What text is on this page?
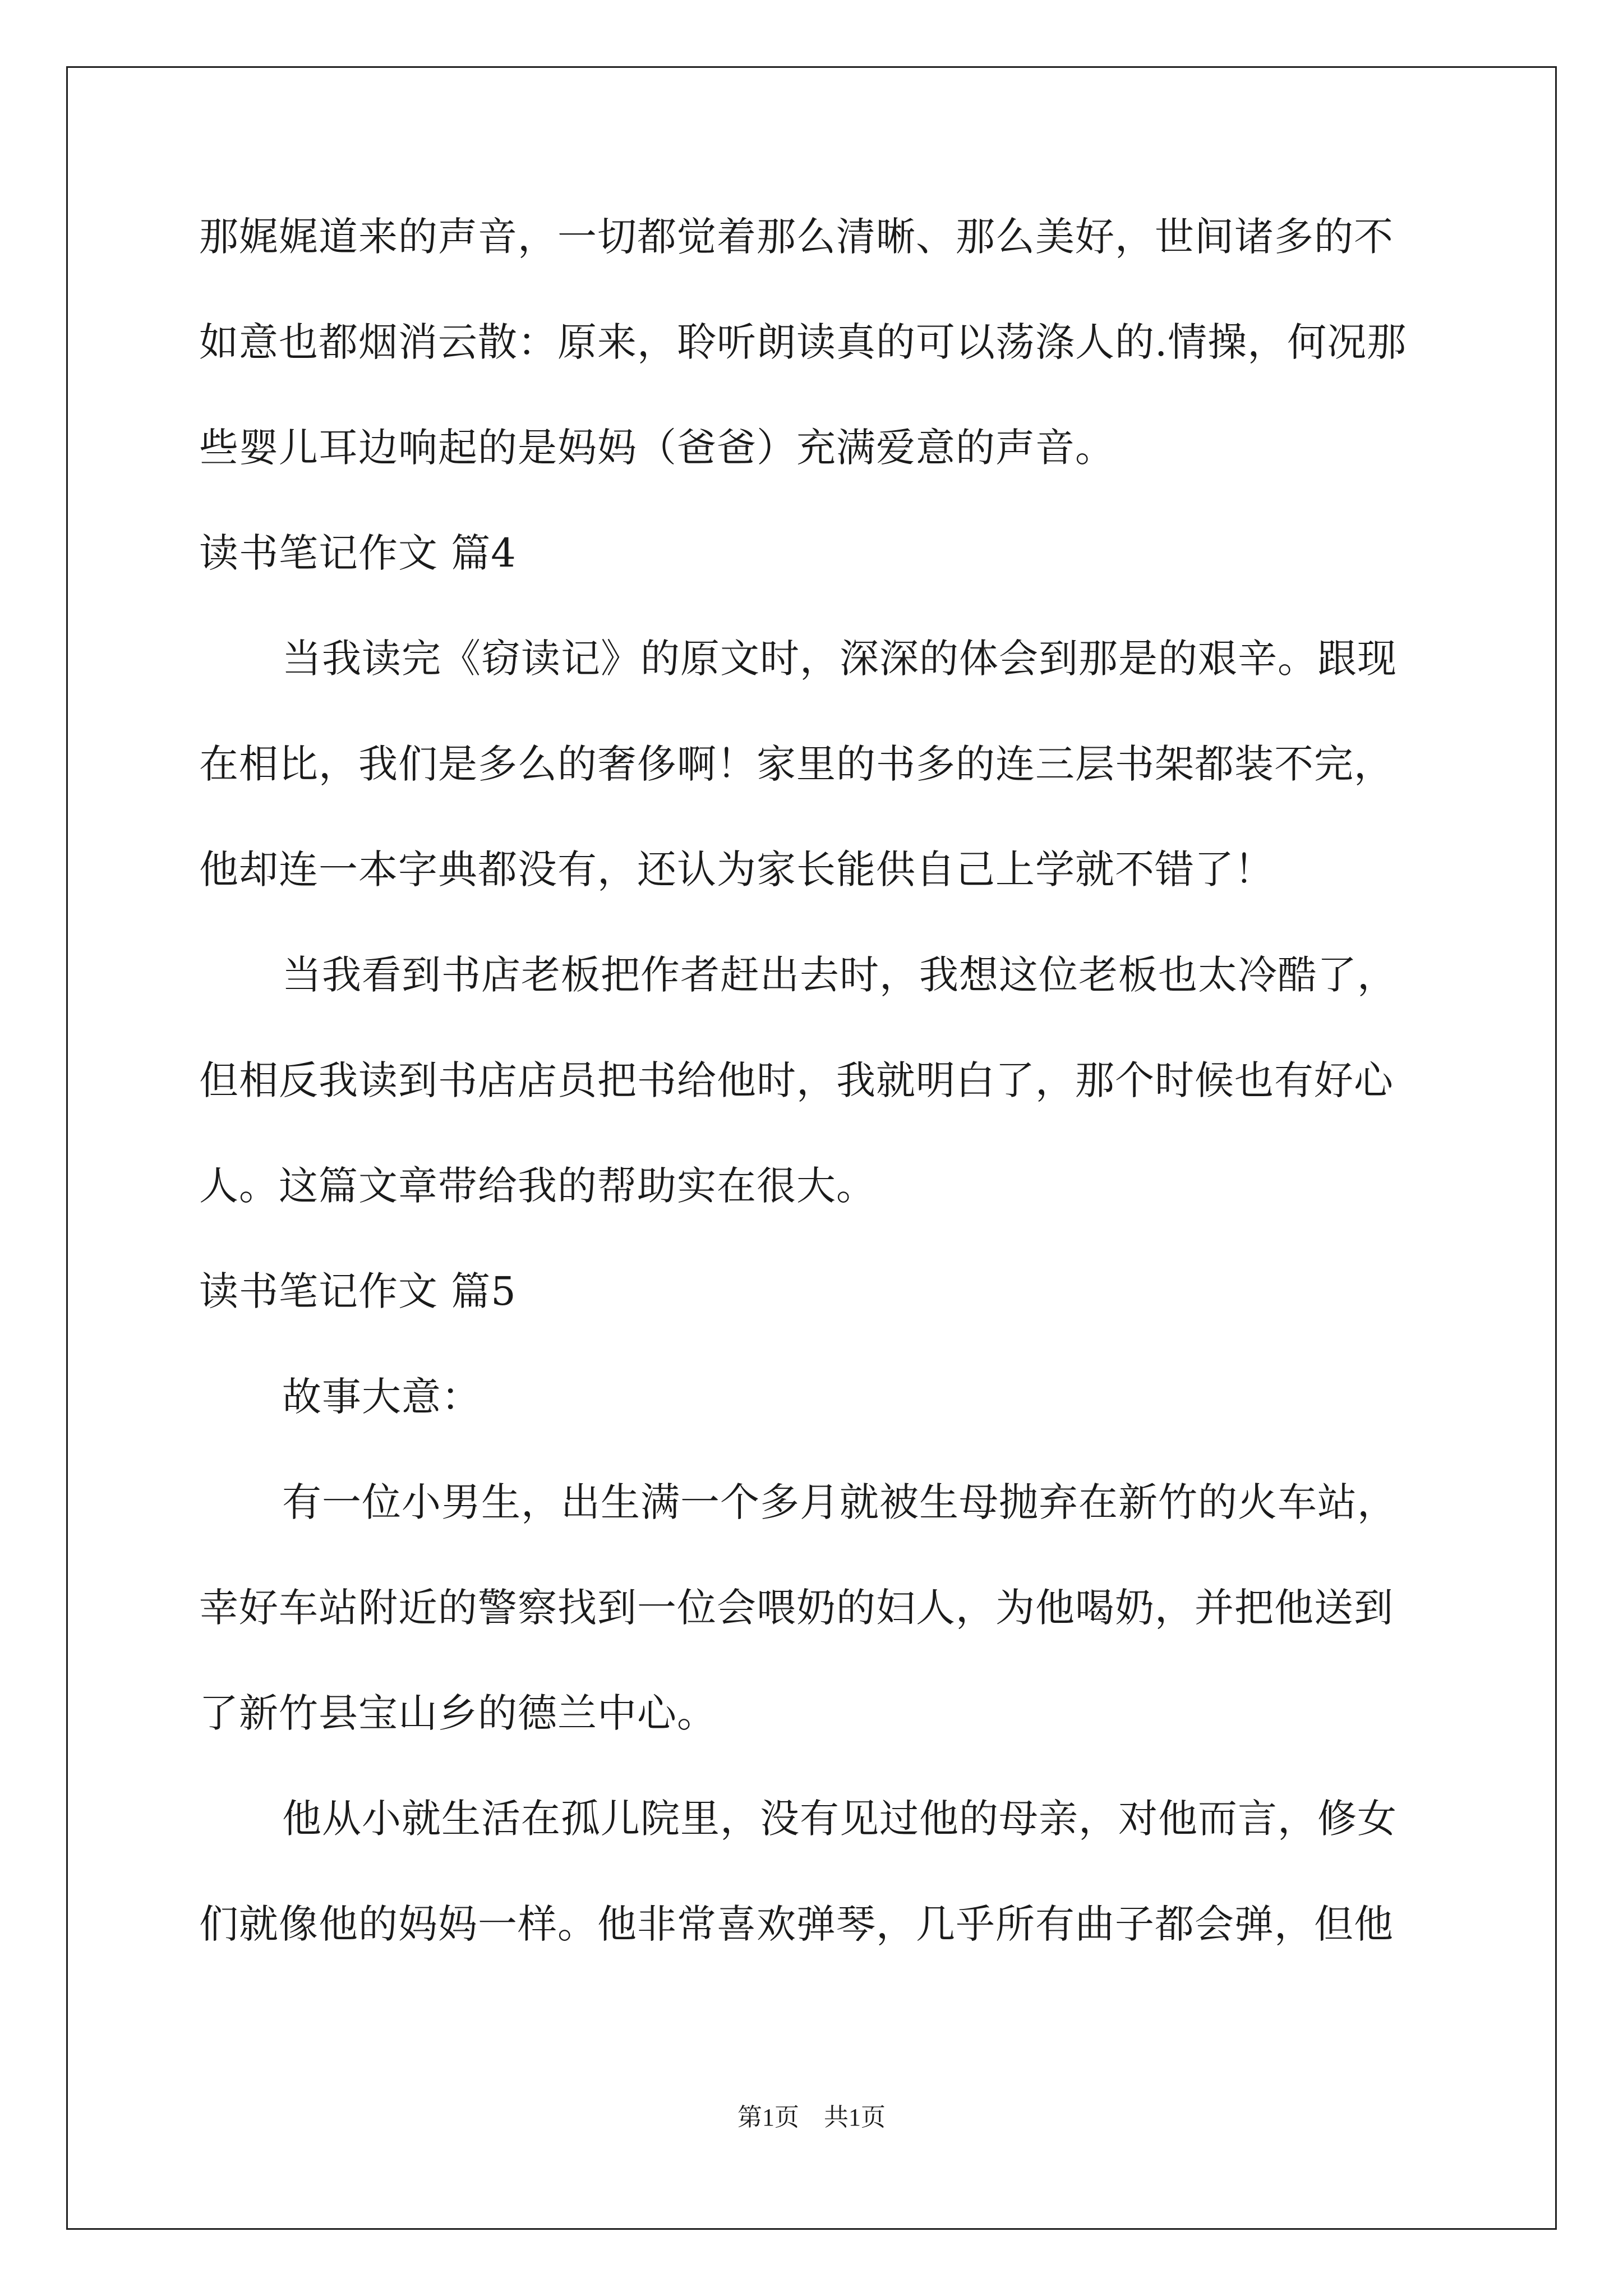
那娓娓道来的声音，一切都觉着那么清晰、那么美好，世间诸多的不
如意也都烟消云散：原来，聆听朗读真的可以荡涤人的.情操，何况那
些婴儿耳边响起的是妈妈（爸爸）充满爱意的声音。
读书笔记作文 篇4
当我读完《窃读记》的原文时，深深的体会到那是的艰辛。跟现
在相比，我们是多么的奢侈啊！家里的书多的连三层书架都装不完，
他却连一本字典都没有，还认为家长能供自己上学就不错了！
当我看到书店老板把作者赶出去时，我想这位老板也太冷酷了，
但相反我读到书店店员把书给他时，我就明白了，那个时候也有好心
人。这篇文章带给我的帮助实在很大。
读书笔记作文 篇5
故事大意：
有一位小男生，出生满一个多月就被生母抛弃在新竹的火车站，
幸好车站附近的警察找到一位会喂奶的妇人，为他喝奶，并把他送到
了新竹县宝山乡的德兰中心。
他从小就生活在孤儿院里，没有见过他的母亲，对他而言，修女
们就像他的妈妈一样。他非常喜欢弹琴，几乎所有曲子都会弹，但他
第1页　共1页
